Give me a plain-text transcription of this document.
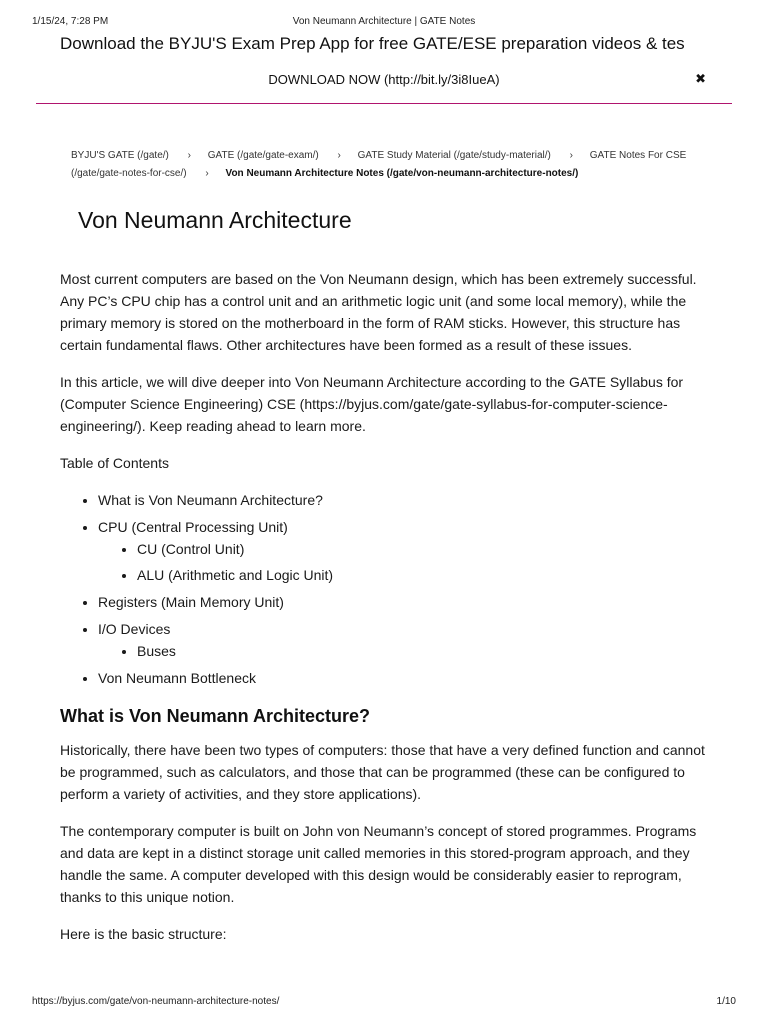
1/15/24, 7:28 PM	Von Neumann Architecture | GATE Notes
Download the BYJU'S Exam Prep App for free GATE/ESE preparation videos & tes
DOWNLOAD NOW (http://bit.ly/3i8IueA)	✖
BYJU'S GATE (/gate/) › GATE (/gate/gate-exam/) › GATE Study Material (/gate/study-material/) › GATE Notes For CSE (/gate/gate-notes-for-cse/) › Von Neumann Architecture Notes (/gate/von-neumann-architecture-notes/)
Von Neumann Architecture

Most current computers are based on the Von Neumann design, which has been extremely successful. Any PC’s CPU chip has a control unit and an arithmetic logic unit (and some local memory), while the primary memory is stored on the motherboard in the form of RAM sticks. However, this structure has certain fundamental flaws. Other architectures have been formed as a result of these issues.

In this article, we will dive deeper into Von Neumann Architecture according to the GATE Syllabus for (Computer Science Engineering) CSE (https://byjus.com/gate/gate-syllabus-for-computer-science-engineering/). Keep reading ahead to learn more.

Table of Contents

• What is Von Neumann Architecture?
• CPU (Central Processing Unit)
• CU (Control Unit)
• ALU (Arithmetic and Logic Unit)
• Registers (Main Memory Unit)
• I/O Devices
• Buses
• Von Neumann Bottleneck
What is Von Neumann Architecture?

Historically, there have been two types of computers: those that have a very defined function and cannot be programmed, such as calculators, and those that can be programmed (these can be configured to perform a variety of activities, and they store applications).

The contemporary computer is built on John von Neumann’s concept of stored programmes. Programs and data are kept in a distinct storage unit called memories in this stored-program approach, and they handle the same. A computer developed with this design would be considerably easier to reprogram, thanks to this unique notion.

Here is the basic structure:

https://byjus.com/gate/von-neumann-architecture-notes/	1/10
